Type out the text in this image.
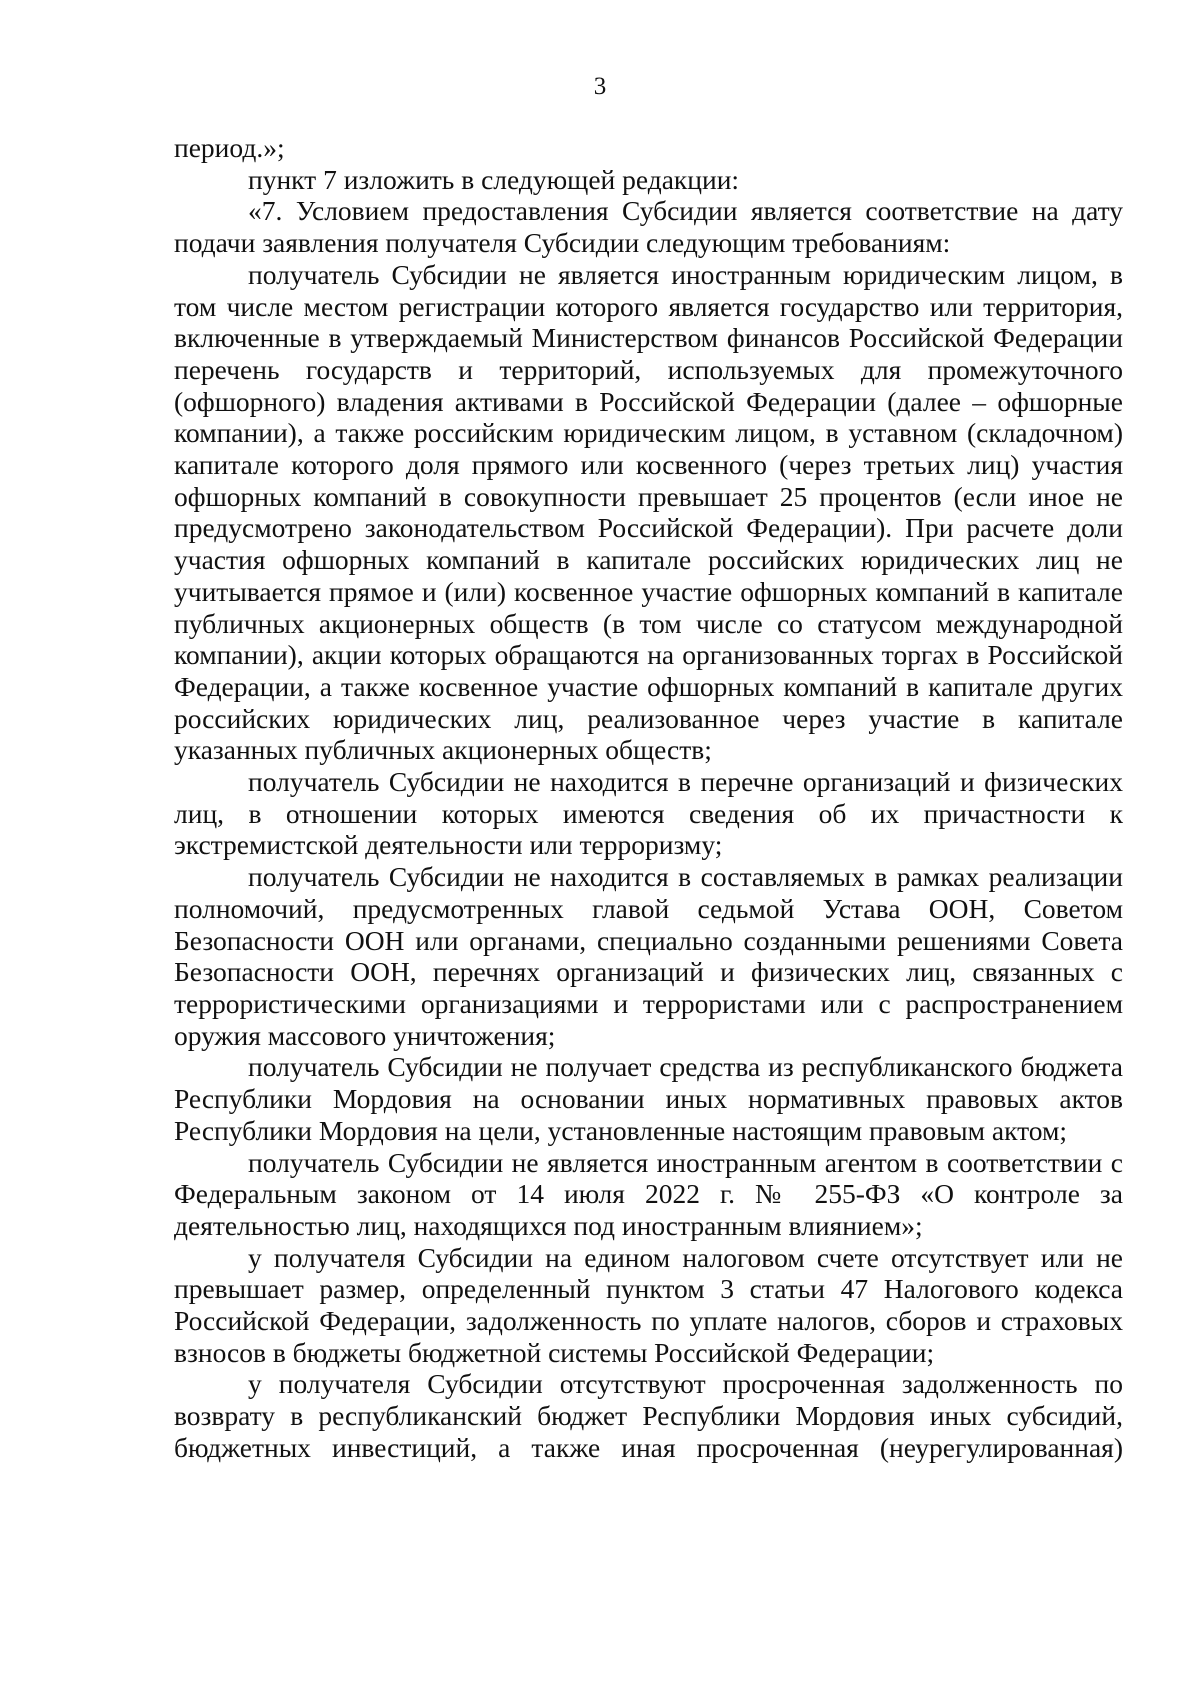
3

период.»;

пункт 7 изложить в следующей редакции:

«7. Условием предоставления Субсидии является соответствие на дату подачи заявления получателя Субсидии следующим требованиям:

получатель Субсидии не является иностранным юридическим лицом, в том числе местом регистрации которого является государство или территория, включенные в утверждаемый Министерством финансов Российской Федерации перечень государств и территорий, используемых для промежуточного (офшорного) владения активами в Российской Федерации (далее – офшорные компании), а также российским юридическим лицом, в уставном (складочном) капитале которого доля прямого или косвенного (через третьих лиц) участия офшорных компаний в совокупности превышает 25 процентов (если иное не предусмотрено законодательством Российской Федерации). При расчете доли участия офшорных компаний в капитале российских юридических лиц не учитывается прямое и (или) косвенное участие офшорных компаний в капитале публичных акционерных обществ (в том числе со статусом международной компании), акции которых обращаются на организованных торгах в Российской Федерации, а также косвенное участие офшорных компаний в капитале других российских юридических лиц, реализованное через участие в капитале указанных публичных акционерных обществ;

получатель Субсидии не находится в перечне организаций и физических лиц, в отношении которых имеются сведения об их причастности к экстремистской деятельности или терроризму;

получатель Субсидии не находится в составляемых в рамках реализации полномочий, предусмотренных главой седьмой Устава ООН, Советом Безопасности ООН или органами, специально созданными решениями Совета Безопасности ООН, перечнях организаций и физических лиц, связанных с террористическими организациями и террористами или с распространением оружия массового уничтожения;

получатель Субсидии не получает средства из республиканского бюджета Республики Мордовия на основании иных нормативных правовых актов Республики Мордовия на цели, установленные настоящим правовым актом;

получатель Субсидии не является иностранным агентом в соответствии с Федеральным законом от 14 июля 2022 г. № 255-ФЗ «О контроле за деятельностью лиц, находящихся под иностранным влиянием»;

у получателя Субсидии на едином налоговом счете отсутствует или не превышает размер, определенный пунктом 3 статьи 47 Налогового кодекса Российской Федерации, задолженность по уплате налогов, сборов и страховых взносов в бюджеты бюджетной системы Российской Федерации;

у получателя Субсидии отсутствуют просроченная задолженность по возврату в республиканский бюджет Республики Мордовия иных субсидий, бюджетных инвестиций, а также иная просроченная (неурегулированная)
